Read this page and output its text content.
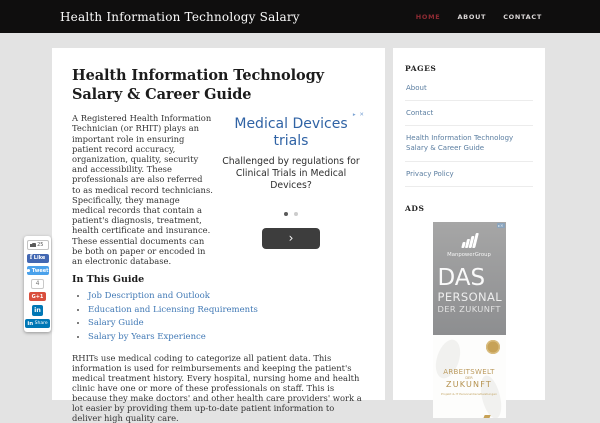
Health Information Technology Salary	HOME	ABOUT	CONTACT
Health Information Technology Salary & Career Guide

A Registered Health Information Technician (or RHIT) plays an important role in ensuring patient record accuracy, organization, quality, security and accessibility. These professionals are also referred to as medical record technicians. Specifically, they manage medical records that contain a patient's diagnosis, treatment, health certificate and insurance. These essential documents can be both on paper or encoded in an electronic database.

▸ ✕
Medical Devices
trials

Challenged by regulations for Clinical Trials in Medical Devices?

›
In This Guide
• Job Description and Outlook
• Education and Licensing Requirements
• Salary Guide
• Salary by Years Experience

RHITs use medical coding to categorize all patient data. This information is used for reimbursements and keeping the patient's medical treatment history. Every hospital, nursing home and health clinic have one or more of these professionals on staff. This is because they make doctors' and other health care providers' work a lot easier by providing them up-to-date patient information to deliver high quality care.

PAGES
About
Contact
Health Information Technology Salary & Career Guide
Privacy Policy
ADS
▸✕
ManpowerGroup
DAS
PERSONAL
DER ZUKUNFT
ARBEITSWELT
DER
ZUKUNFT
Projekt & IT Personaldienstleistungen
25
f Like
Tweet
4
G+1
in
in Share
